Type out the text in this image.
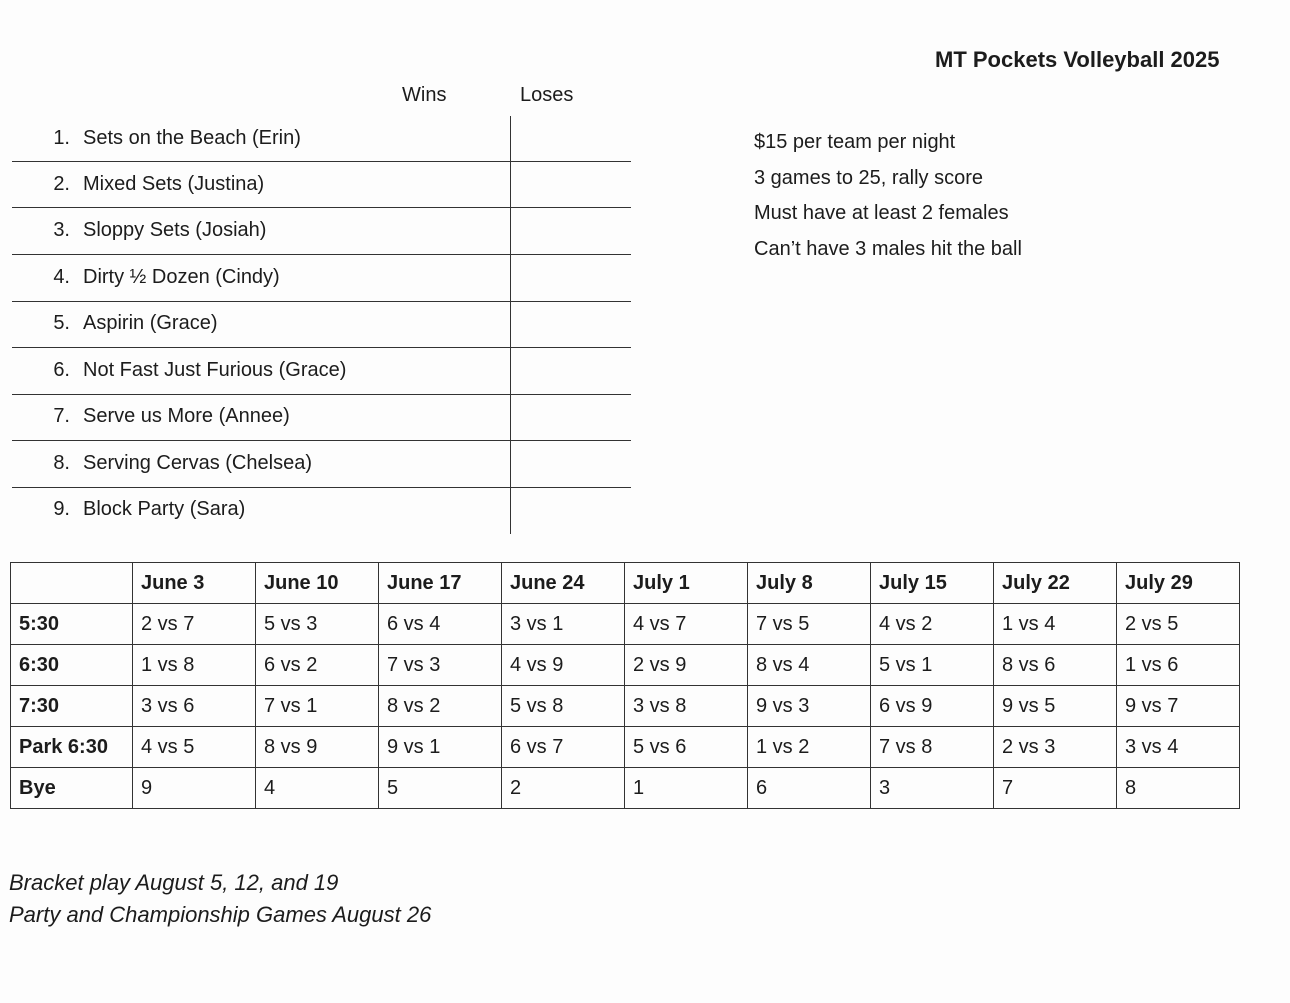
MT Pockets Volleyball 2025
Wins	Loses
1. Sets on the Beach (Erin)
2. Mixed Sets (Justina)
3. Sloppy Sets (Josiah)
4. Dirty ½ Dozen (Cindy)
5. Aspirin (Grace)
6. Not Fast Just Furious (Grace)
7. Serve us More (Annee)
8. Serving Cervas (Chelsea)
9. Block Party (Sara)
$15 per team per night
3 games to 25, rally score
Must have at least 2 females
Can’t have 3 males hit the ball
	June 3	June 10	June 17	June 24	July 1	July 8	July 15	July 22	July 29
5:30	2 vs 7	5 vs 3	6 vs 4	3 vs 1	4 vs 7	7 vs 5	4 vs 2	1 vs 4	2 vs 5
6:30	1 vs 8	6 vs 2	7 vs 3	4 vs 9	2 vs 9	8 vs 4	5 vs 1	8 vs 6	1 vs 6
7:30	3 vs 6	7 vs 1	8 vs 2	5 vs 8	3 vs 8	9 vs 3	6 vs 9	9 vs 5	9 vs 7
Park 6:30	4 vs 5	8 vs 9	9 vs 1	6 vs 7	5 vs 6	1 vs 2	7 vs 8	2 vs 3	3 vs 4
Bye	9	4	5	2	1	6	3	7	8
Bracket play August 5, 12, and 19
Party and Championship Games August 26
